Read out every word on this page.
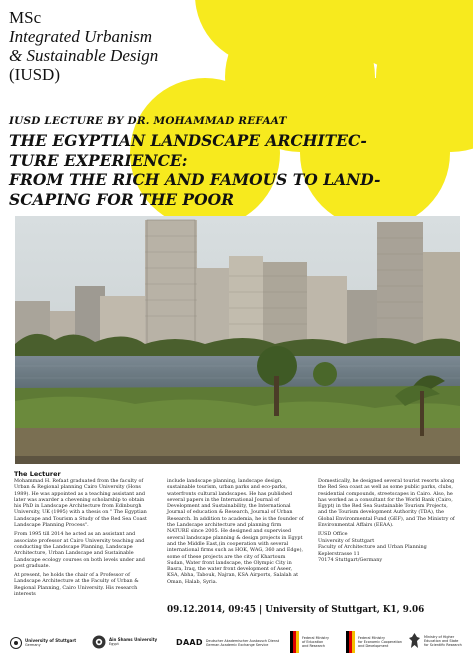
MSc
Integrated Urbanism
& Sustainable Design
(IUSD)
IUSD LECTURE BY DR. MOHAMMAD REFAAT
THE EGYPTIAN LANDSCAPE ARCHITEC-
TURE EXPERIENCE:
FROM THE RICH AND FAMOUS TO LAND-
SCAPING FOR THE POOR
The Lecturer

Mohammad H. Refaat graduated from the faculty of Urban & Regional planning Cairo University (Hons 1989). He was appointed as a teaching assistant and later was awarder a chevening scholarship to obtain his PhD in Landscape Architecture from Edinburgh University, UK (1995) with a thesis on " The Egyptian Landscape and Tourism a Study of the Red Sea Coast Landscape Planning Process".

From 1995 till 2014 he acted as an assistant and associate professor at Cairo University teaching and conducting the Landscape Planning, Landscape Architecture, Urban Landscape and Sustainable Landscape ecology courses on both levels under and post graduate.

At present, he holds the chair of a Professor of Landscape Architecture at the Faculty of Urban & Regional Planning, Cairo University. His research interests

include landscape planning, landscape design, sustainable tourism, urban parks and eco-parks, waterfronts cultural landscapes. He has published several papers in the International Journal of Development and Sustainability, the International Journal of education & Research, Journal of Urban Research. In addition to academia, he is the founder of the Landscape architecture and planning firm NATURE since 2005. He designed and supervised several landscape planning & design projects in Egypt and the Middle East,(in cooperation with several international firms such as HOK, WAG, 360 and Edge), some of these projects are the city of Khartoum Sudan, Water front landscape, the Olympic City in Basra, Iraq, the water front development of Aseer, KSA, Abha, Tabouk, Najran, KSA Airports, Salalah at Oman, Halab, Syria.

Domestically, he designed several tourist resorts along the Red Sea coast as well as some public parks, clubs, residential compounds, streetscapes in Cairo. Also, he has worked as a consultant for the World Bank (Cairo, Egypt) in the Red Sea Sustainable Tourism Projects, and the Tourism development Authority (TDA), the Global Environmental Fund (GEF), and The Ministry of Environmental Affairs (EEAA).

IUSD Office
University of Stuttgart
Faculty of Architecture and Urban Planning
Keplerstrasse 11
70174 Stuttgart/Germany
09.12.2014, 09:45 | University of Stuttgart, K1, 9.06
University of Stuttgart
Germany
Ain Shams University
Egypt	DAAD Deutscher Akademischer Austausch Dienst
German Academic Exchange Service
Federal Ministry
of Education
and Research
Federal Ministry
for Economic Cooperation
and Development
Ministry of Higher
Education and State
for Scientific Research
